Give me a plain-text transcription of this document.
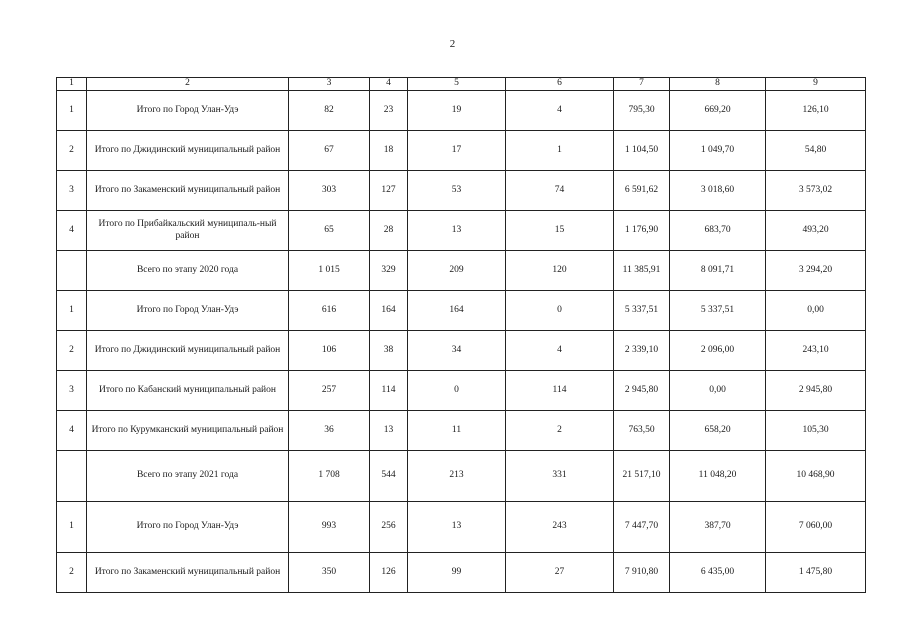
2
1	2	3	4	5	6	7	8	9
1	Итого по Город Улан-Удэ	82	23	19	4	795,30	669,20	126,10
2	Итого по Джидинский муниципальный район	67	18	17	1	1 104,50	1 049,70	54,80
3	Итого по Закаменский муниципальный район	303	127	53	74	6 591,62	3 018,60	3 573,02
4	Итого по Прибайкальский муниципаль-ный район	65	28	13	15	1 176,90	683,70	493,20
	Всего по этапу 2020 года	1 015	329	209	120	11 385,91	8 091,71	3 294,20
1	Итого по Город Улан-Удэ	616	164	164	0	5 337,51	5 337,51	0,00
2	Итого по Джидинский муниципальный район	106	38	34	4	2 339,10	2 096,00	243,10
3	Итого по Кабанский муниципальный район	257	114	0	114	2 945,80	0,00	2 945,80
4	Итого по Курумканский муниципальный район	36	13	11	2	763,50	658,20	105,30
	Всего по этапу 2021 года	1 708	544	213	331	21 517,10	11 048,20	10 468,90
1	Итого по Город Улан-Удэ	993	256	13	243	7 447,70	387,70	7 060,00
2	Итого по Закаменский муниципальный район	350	126	99	27	7 910,80	6 435,00	1 475,80
